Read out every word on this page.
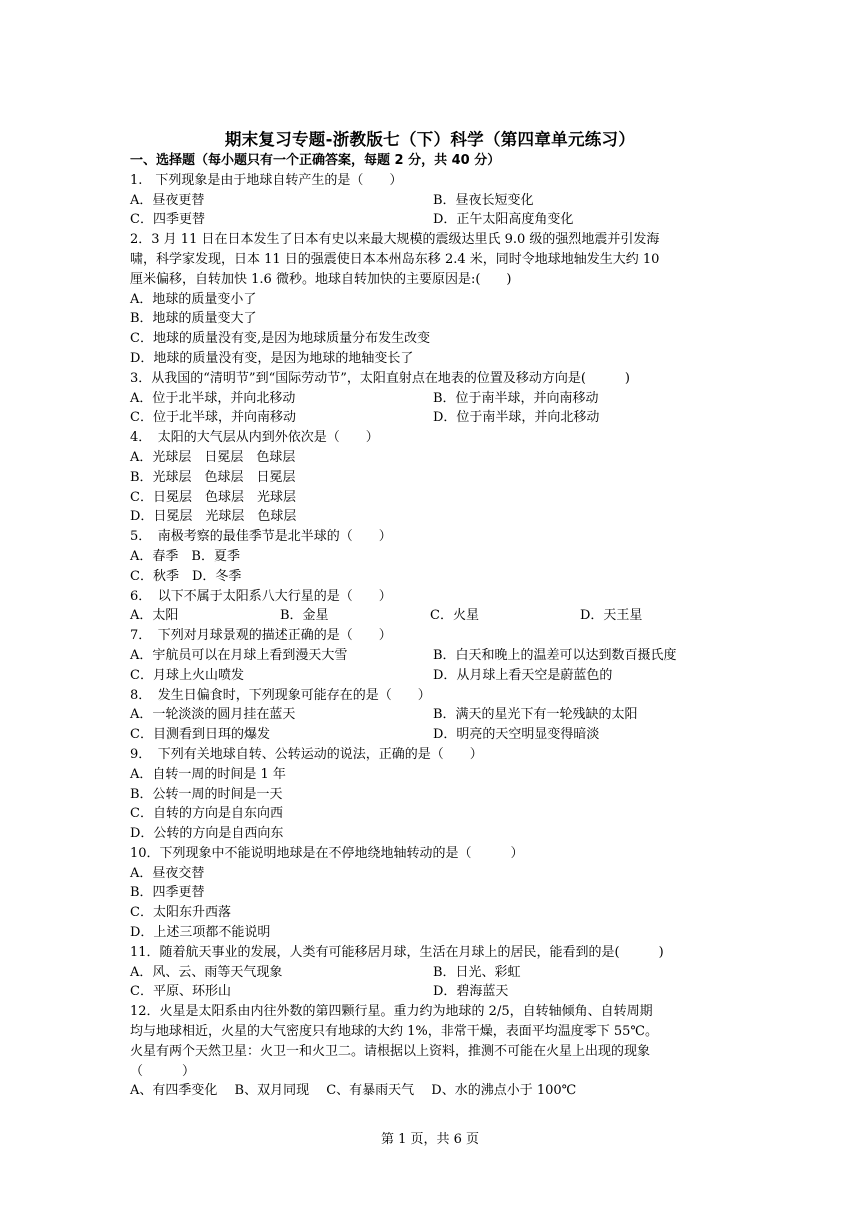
期末复习专题-浙教版七（下）科学（第四章单元练习）
一、选择题（每小题只有一个正确答案，每题 2 分，共 40 分）
1.　下列现象是由于地球自转产生的是（　　）
A．昼夜更替	B．昼夜长短变化
C．四季更替	D．正午太阳高度角变化
2．3 月 11 日在日本发生了日本有史以来最大规模的震级达里氏 9.0 级的强烈地震并引发海
啸，科学家发现，日本 11 日的强震使日本本州岛东移 2.4 米，同时令地球地轴发生大约 10
厘米偏移，自转加快 1.6 微秒。地球自转加快的主要原因是:(　　)
A．地球的质量变小了
B．地球的质量变大了
C．地球的质量没有变,是因为地球质量分布发生改变
D．地球的质量没有变，是因为地球的地轴变长了
3．从我国的“清明节”到“国际劳动节”，太阳直射点在地表的位置及移动方向是(　　　)
A．位于北半球，并向北移动	B．位于南半球，并向南移动
C．位于北半球，并向南移动	D．位于南半球，并向北移动
4．　太阳的大气层从内到外依次是（　　）
A．光球层　日冕层　色球层
B．光球层　色球层　日冕层
C．日冕层　色球层　光球层
D．日冕层　光球层　色球层
5．　南极考察的最佳季节是北半球的（　　）
A．春季　B．夏季
C．秋季　D．冬季
6．　以下不属于太阳系八大行星的是（　　）
A．太阳	B．金星	C．火星	D．天王星
7．　下列对月球景观的描述正确的是（　　）
A．宇航员可以在月球上看到漫天大雪	B．白天和晚上的温差可以达到数百摄氏度
C．月球上火山喷发	D．从月球上看天空是蔚蓝色的
8．　发生日偏食时，下列现象可能存在的是（　　）
A．一轮淡淡的圆月挂在蓝天	B．满天的星光下有一轮残缺的太阳
C．目测看到日珥的爆发	D．明亮的天空明显变得暗淡
9．　下列有关地球自转、公转运动的说法，正确的是（　　）
A．自转一周的时间是 1 年
B．公转一周的时间是一天
C．自转的方向是自东向西
D．公转的方向是自西向东
10．下列现象中不能说明地球是在不停地绕地轴转动的是（　　　）
A．昼夜交替
B．四季更替
C．太阳东升西落
D．上述三项都不能说明
11．随着航天事业的发展，人类有可能移居月球，生活在月球上的居民，能看到的是(　　　)
A．风、云、雨等天气现象	B．日光、彩虹
C．平原、环形山	D．碧海蓝天
12．火星是太阳系由内往外数的第四颗行星。重力约为地球的 2/5，自转轴倾角、自转周期
均与地球相近，火星的大气密度只有地球的大约 1%，非常干燥，表面平均温度零下 55℃。
火星有两个天然卫星：火卫一和火卫二。请根据以上资料，推测不可能在火星上出现的现象
（　　　）
A、有四季变化　 B、双月同现　 C、有暴雨天气　 D、水的沸点小于 100℃
第 1 页，共 6 页
